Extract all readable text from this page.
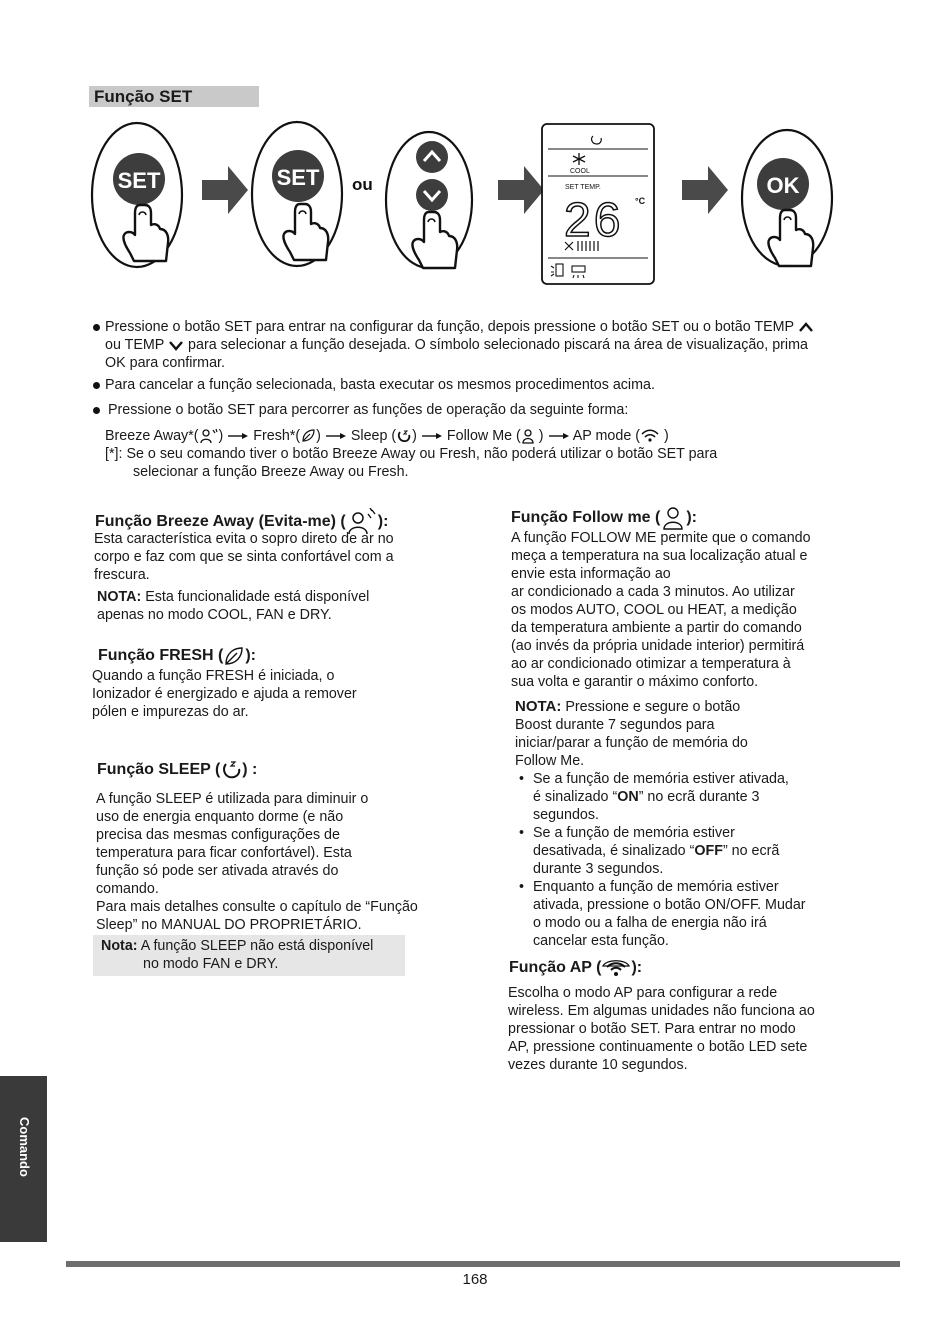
Função SET
SET	SET ou
COOL
SET TEMP.
26 °C
OK
Pressione o botão SET para entrar na configurar da função, depois pressione o botão SET ou o botão TEMP
ou TEMP para selecionar a função desejada. O símbolo selecionado piscará na área de visualização, prima
OK para confirmar.
Para cancelar a função selecionada, basta executar os mesmos procedimentos acima.
Pressione o botão SET para percorrer as funções de operação da seguinte forma:
Breeze Away*( ) Fresh*( ) Sleep ( ) Follow Me ( ) AP mode ( )
[*]: Se o seu comando tiver o botão Breeze Away ou Fresh, não poderá utilizar o botão SET para
selecionar a função Breeze Away ou Fresh.
Função Breeze Away (Evita-me) ( ):
Esta característica evita o sopro direto de ar no
corpo e faz com que se sinta confortável com a
frescura.
NOTA: Esta funcionalidade está disponível
apenas no modo COOL, FAN e DRY.
Função FRESH ( ):
Quando a função FRESH é iniciada, o
Ionizador é energizado e ajuda a remover
pólen e impurezas do ar.
Função SLEEP ( ) :
A função SLEEP é utilizada para diminuir o
uso de energia enquanto dorme (e não
precisa das mesmas configurações de
temperatura para ficar confortável). Esta
função só pode ser ativada através do
comando.
Para mais detalhes consulte o capítulo de “Função
Sleep” no MANUAL DO PROPRIETÁRIO.
Nota: A função SLEEP não está disponível
no modo FAN e DRY.
Função Follow me ( ):
A função FOLLOW ME permite que o comando
meça a temperatura na sua localização atual e
envie esta informação ao
ar condicionado a cada 3 minutos. Ao utilizar
os modos AUTO, COOL ou HEAT, a medição
da temperatura ambiente a partir do comando
(ao invés da própria unidade interior) permitirá
ao ar condicionado otimizar a temperatura à
sua volta e garantir o máximo conforto.
NOTA: Pressione e segure o botão
Boost durante 7 segundos para
iniciar/parar a função de memória do
Follow Me.
• Se a função de memória estiver ativada,
é sinalizado “ON” no ecrã durante 3
segundos.
• Se a função de memória estiver
desativada, é sinalizado “OFF” no ecrã
durante 3 segundos.
• Enquanto a função de memória estiver
ativada, pressione o botão ON/OFF. Mudar
o modo ou a falha de energia não irá
cancelar esta função.
Função AP ( ):
Escolha o modo AP para configurar a rede
wireless. Em algumas unidades não funciona ao
pressionar o botão SET. Para entrar no modo
AP, pressione continuamente o botão LED sete
vezes durante 10 segundos.
Comando
168
